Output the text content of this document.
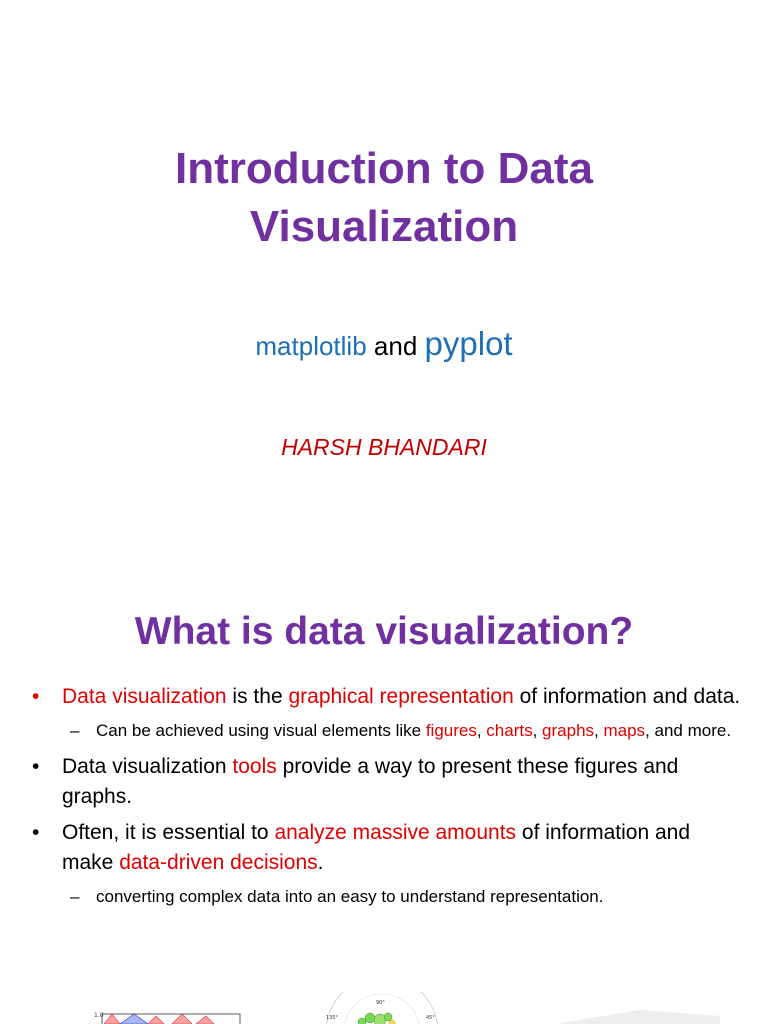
Introduction to Data
Visualization
matplotlib and pyplot
HARSH BHANDARI
What is data visualization?
• Data visualization is the graphical representation of information and data.
– Can be achieved using visual elements like figures, charts, graphs, maps, and more.
• Data visualization tools provide a way to present these figures and graphs.
• Often, it is essential to analyze massive amounts of information and make data-driven decisions.
– converting complex data into an easy to understand representation.
1.0
90°
135°	45°
